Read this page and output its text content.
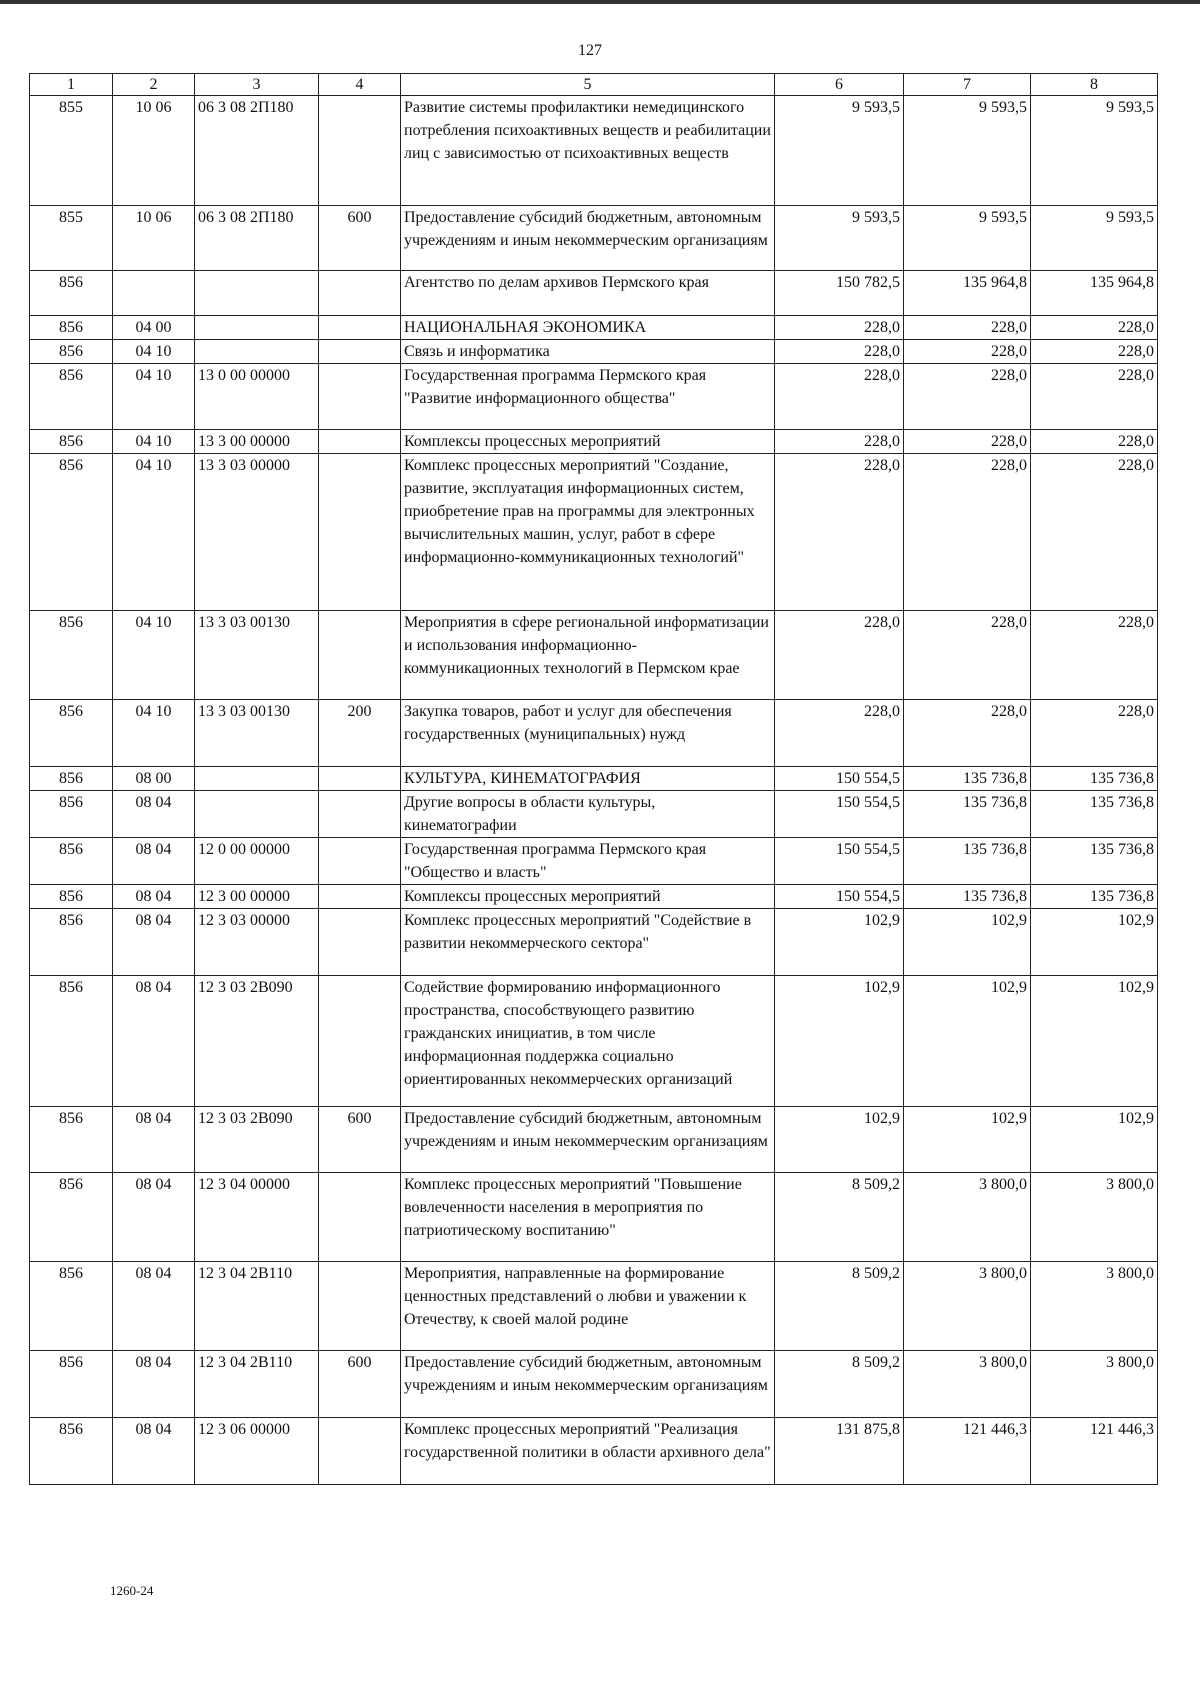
127
1	2	3	4	5	6	7	8
855	10 06	06 3 08 2П180		Развитие системы профилактики немедицинского потребления психоактивных веществ и реабилитации лиц с зависимостью от психоактивных веществ	9 593,5	9 593,5	9 593,5
855	10 06	06 3 08 2П180	600	Предоставление субсидий бюджетным, автономным учреждениям и иным некоммерческим организациям	9 593,5	9 593,5	9 593,5
856				Агентство по делам архивов Пермского края	150 782,5	135 964,8	135 964,8
856	04 00			НАЦИОНАЛЬНАЯ ЭКОНОМИКА	228,0	228,0	228,0
856	04 10			Связь и информатика	228,0	228,0	228,0
856	04 10	13 0 00 00000		Государственная программа Пермского края "Развитие информационного общества"	228,0	228,0	228,0
856	04 10	13 3 00 00000		Комплексы процессных мероприятий	228,0	228,0	228,0
856	04 10	13 3 03 00000		Комплекс процессных мероприятий "Создание, развитие, эксплуатация информационных систем, приобретение прав на программы для электронных вычислительных машин, услуг, работ в сфере информационно-коммуникационных технологий"	228,0	228,0	228,0
856	04 10	13 3 03 00130		Мероприятия в сфере региональной информатизации и использования информационно-коммуникационных технологий в Пермском крае	228,0	228,0	228,0
856	04 10	13 3 03 00130	200	Закупка товаров, работ и услуг для обеспечения государственных (муниципальных) нужд	228,0	228,0	228,0
856	08 00			КУЛЬТУРА, КИНЕМАТОГРАФИЯ	150 554,5	135 736,8	135 736,8
856	08 04			Другие вопросы в области культуры, кинематографии	150 554,5	135 736,8	135 736,8
856	08 04	12 0 00 00000		Государственная программа Пермского края "Общество и власть"	150 554,5	135 736,8	135 736,8
856	08 04	12 3 00 00000		Комплексы процессных мероприятий	150 554,5	135 736,8	135 736,8
856	08 04	12 3 03 00000		Комплекс процессных мероприятий "Содействие в развитии некоммерческого сектора"	102,9	102,9	102,9
856	08 04	12 3 03 2В090		Содействие формированию информационного пространства, способствующего развитию гражданских инициатив, в том числе информационная поддержка социально ориентированных некоммерческих организаций	102,9	102,9	102,9
856	08 04	12 3 03 2В090	600	Предоставление субсидий бюджетным, автономным учреждениям и иным некоммерческим организациям	102,9	102,9	102,9
856	08 04	12 3 04 00000		Комплекс процессных мероприятий "Повышение вовлеченности населения в мероприятия по патриотическому воспитанию"	8 509,2	3 800,0	3 800,0
856	08 04	12 3 04 2В110		Мероприятия, направленные на формирование ценностных представлений о любви и уважении к Отечеству, к своей малой родине	8 509,2	3 800,0	3 800,0
856	08 04	12 3 04 2В110	600	Предоставление субсидий бюджетным, автономным учреждениям и иным некоммерческим организациям	8 509,2	3 800,0	3 800,0
856	08 04	12 3 06 00000		Комплекс процессных мероприятий "Реализация государственной политики в области архивного дела"	131 875,8	121 446,3	121 446,3
1260-24
